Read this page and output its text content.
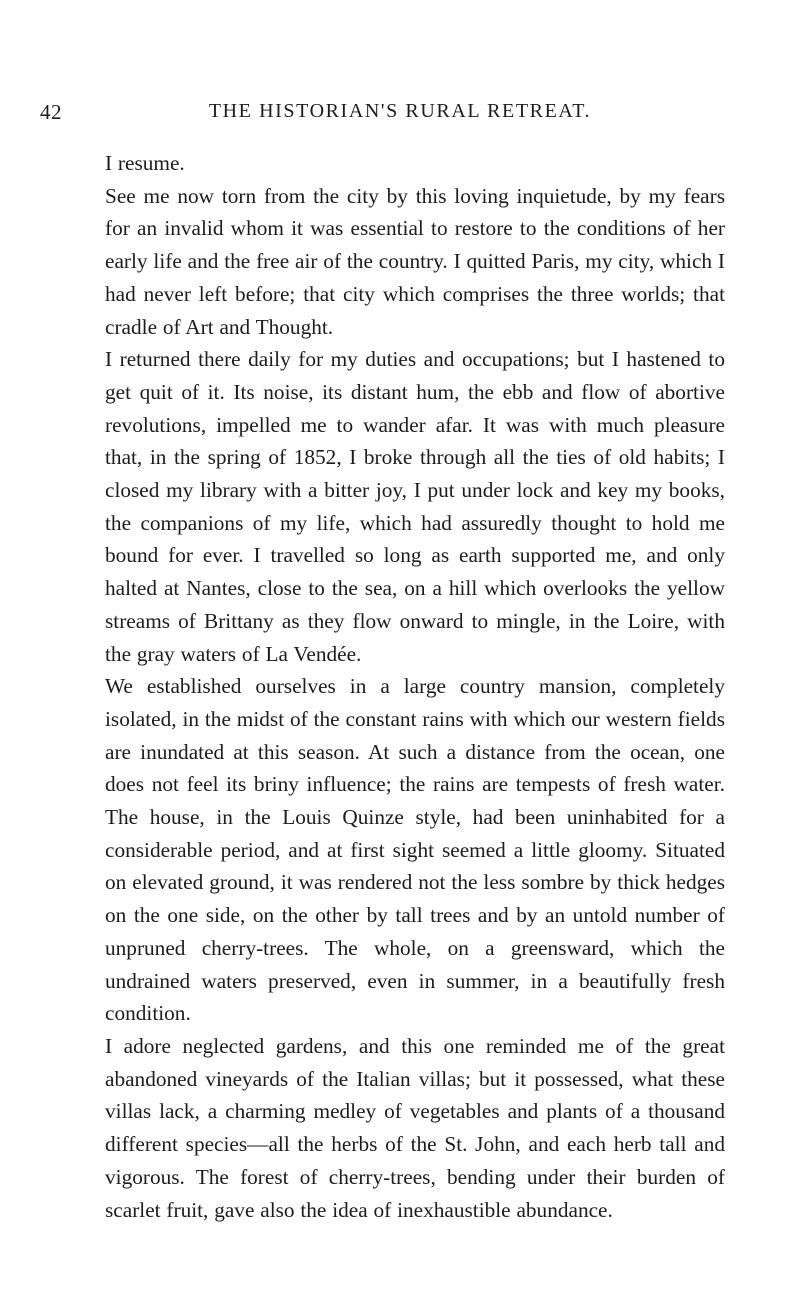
42	THE HISTORIAN'S RURAL RETREAT.

I resume.

See me now torn from the city by this loving inquietude, by my fears for an invalid whom it was essential to restore to the conditions of her early life and the free air of the country. I quitted Paris, my city, which I had never left before; that city which comprises the three worlds; that cradle of Art and Thought.

I returned there daily for my duties and occupations; but I hastened to get quit of it. Its noise, its distant hum, the ebb and flow of abortive revolutions, impelled me to wander afar. It was with much pleasure that, in the spring of 1852, I broke through all the ties of old habits; I closed my library with a bitter joy, I put under lock and key my books, the companions of my life, which had assuredly thought to hold me bound for ever. I travelled so long as earth supported me, and only halted at Nantes, close to the sea, on a hill which overlooks the yellow streams of Brittany as they flow onward to mingle, in the Loire, with the gray waters of La Vendée.

We established ourselves in a large country mansion, completely isolated, in the midst of the constant rains with which our western fields are inundated at this season. At such a distance from the ocean, one does not feel its briny influence; the rains are tempests of fresh water. The house, in the Louis Quinze style, had been uninhabited for a considerable period, and at first sight seemed a little gloomy. Situated on elevated ground, it was rendered not the less sombre by thick hedges on the one side, on the other by tall trees and by an untold number of unpruned cherry-trees. The whole, on a greensward, which the undrained waters preserved, even in summer, in a beautifully fresh condition.

I adore neglected gardens, and this one reminded me of the great abandoned vineyards of the Italian villas; but it possessed, what these villas lack, a charming medley of vegetables and plants of a thousand different species—all the herbs of the St. John, and each herb tall and vigorous. The forest of cherry-trees, bending under their burden of scarlet fruit, gave also the idea of inexhaustible abundance.
